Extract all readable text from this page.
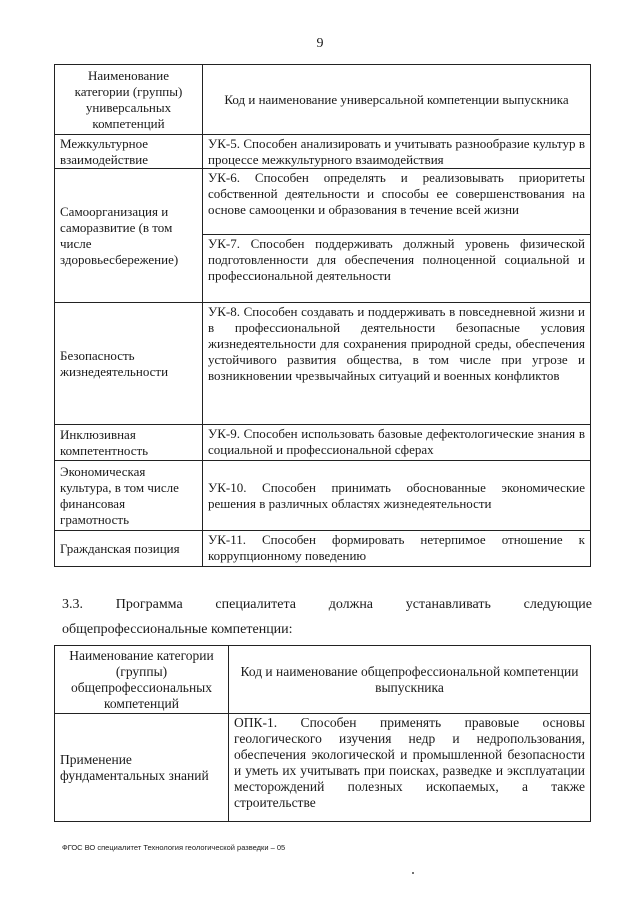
9
Наименование категории (группы) универсальных компетенций	Код и наименование универсальной компетенции выпускника
Межкультурное взаимодействие	УК-5. Способен анализировать и учитывать разнообразие культур в процессе межкультурного взаимодействия
Самоорганизация и саморазвитие (в том числе здоровьесбережение)	УК-6. Способен определять и реализовывать приоритеты собственной деятельности и способы ее совершенствования на основе самооценки и образования в течение всей жизни
	УК-7. Способен поддерживать должный уровень физической подготовленности для обеспечения полноценной социальной и профессиональной деятельности
Безопасность жизнедеятельности	УК-8. Способен создавать и поддерживать в повседневной жизни и в профессиональной деятельности безопасные условия жизнедеятельности для сохранения природной среды, обеспечения устойчивого развития общества, в том числе при угрозе и возникновении чрезвычайных ситуаций и военных конфликтов
Инклюзивная компетентность	УК-9. Способен использовать базовые дефектологические знания в социальной и профессиональной сферах
Экономическая культура, в том числе финансовая грамотность	УК-10. Способен принимать обоснованные экономические решения в различных областях жизнедеятельности
Гражданская позиция	УК-11. Способен формировать нетерпимое отношение к коррупционному поведению
3.3. Программа специалитета должна устанавливать следующие
общепрофессиональные компетенции:
Наименование категории (группы) общепрофессиональных компетенций	Код и наименование общепрофессиональной компетенции выпускника
Применение фундаментальных знаний	ОПК-1. Способен применять правовые основы геологического изучения недр и недропользования, обеспечения экологической и промышленной безопасности и уметь их учитывать при поисках, разведке и эксплуатации месторождений полезных ископаемых, а также строительстве
ФГОС ВО специалитет Технология геологической разведки – 05
